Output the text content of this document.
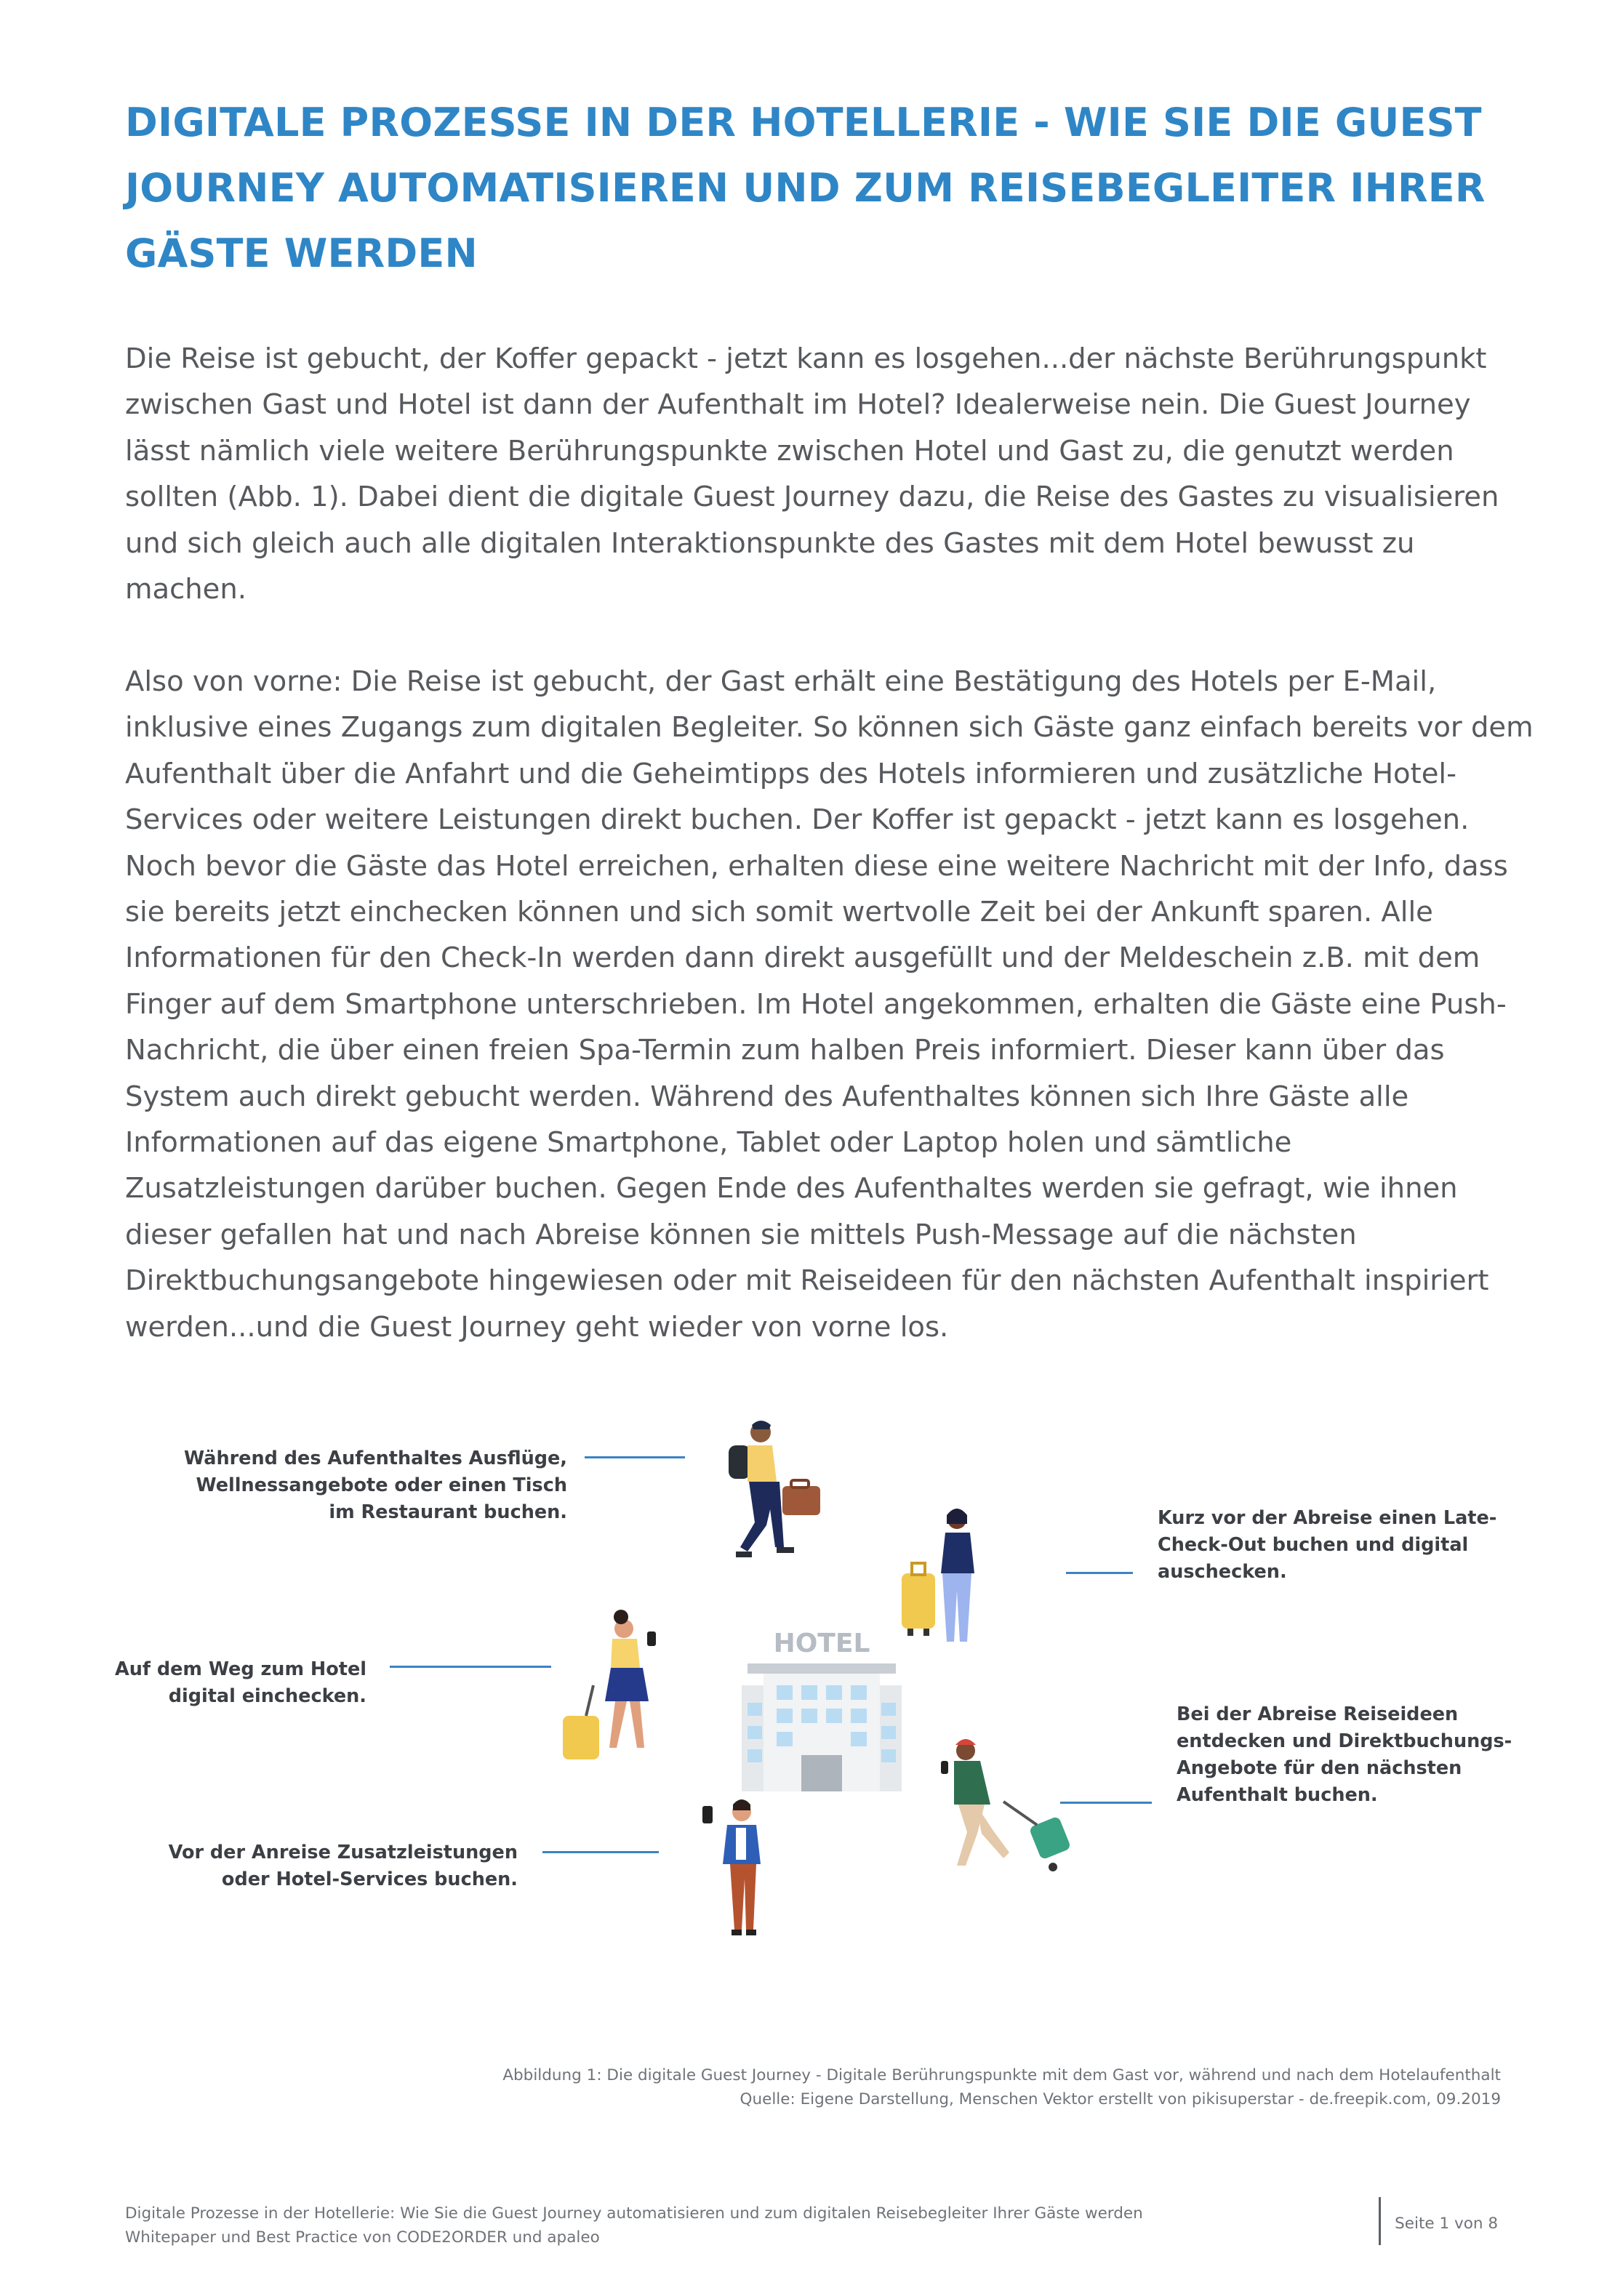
DIGITALE PROZESSE IN DER HOTELLERIE - WIE SIE DIE GUEST
JOURNEY AUTOMATISIEREN UND ZUM REISEBEGLEITER IHRER
GÄSTE WERDEN

Die Reise ist gebucht, der Koffer gepackt - jetzt kann es losgehen...der nächste Berührungspunkt
zwischen Gast und Hotel ist dann der Aufenthalt im Hotel? Idealerweise nein. Die Guest Journey
lässt nämlich viele weitere Berührungspunkte zwischen Hotel und Gast zu, die genutzt werden
sollten (Abb. 1). Dabei dient die digitale Guest Journey dazu, die Reise des Gastes zu visualisieren
und sich gleich auch alle digitalen Interaktionspunkte des Gastes mit dem Hotel bewusst zu
machen.

Also von vorne: Die Reise ist gebucht, der Gast erhält eine Bestätigung des Hotels per E-Mail,
inklusive eines Zugangs zum digitalen Begleiter. So können sich Gäste ganz einfach bereits vor dem
Aufenthalt über die Anfahrt und die Geheimtipps des Hotels informieren und zusätzliche Hotel-
Services oder weitere Leistungen direkt buchen. Der Koffer ist gepackt - jetzt kann es losgehen.
Noch bevor die Gäste das Hotel erreichen, erhalten diese eine weitere Nachricht mit der Info, dass
sie bereits jetzt einchecken können und sich somit wertvolle Zeit bei der Ankunft sparen. Alle
Informationen für den Check-In werden dann direkt ausgefüllt und der Meldeschein z.B. mit dem
Finger auf dem Smartphone unterschrieben. Im Hotel angekommen, erhalten die Gäste eine Push-
Nachricht, die über einen freien Spa-Termin zum halben Preis informiert. Dieser kann über das
System auch direkt gebucht werden. Während des Aufenthaltes können sich Ihre Gäste alle
Informationen auf das eigene Smartphone, Tablet oder Laptop holen und sämtliche
Zusatzleistungen darüber buchen. Gegen Ende des Aufenthaltes werden sie gefragt, wie ihnen
dieser gefallen hat und nach Abreise können sie mittels Push-Message auf die nächsten
Direktbuchungsangebote hingewiesen oder mit Reiseideen für den nächsten Aufenthalt inspiriert
werden...und die Guest Journey geht wieder von vorne los.

Während des Aufenthaltes Ausflüge,
Wellnessangebote oder einen Tisch
im Restaurant buchen.	Kurz vor der Abreise einen Late-
Check-Out buchen und digital
auschecken.
Auf dem Weg zum Hotel
digital einchecken.
Bei der Abreise Reiseideen
entdecken und Direktbuchungs-
Angebote für den nächsten
Aufenthalt buchen.
Vor der Anreise Zusatzleistungen
oder Hotel-Services buchen.
HOTEL
Abbildung 1: Die digitale Guest Journey - Digitale Berührungspunkte mit dem Gast vor, während und nach dem Hotelaufenthalt
Quelle: Eigene Darstellung, Menschen Vektor erstellt von pikisuperstar - de.freepik.com, 09.2019
Digitale Prozesse in der Hotellerie: Wie Sie die Guest Journey automatisieren und zum digitalen Reisebegleiter Ihrer Gäste werden
Whitepaper und Best Practice von CODE2ORDER und apaleo
Seite 1 von 8
